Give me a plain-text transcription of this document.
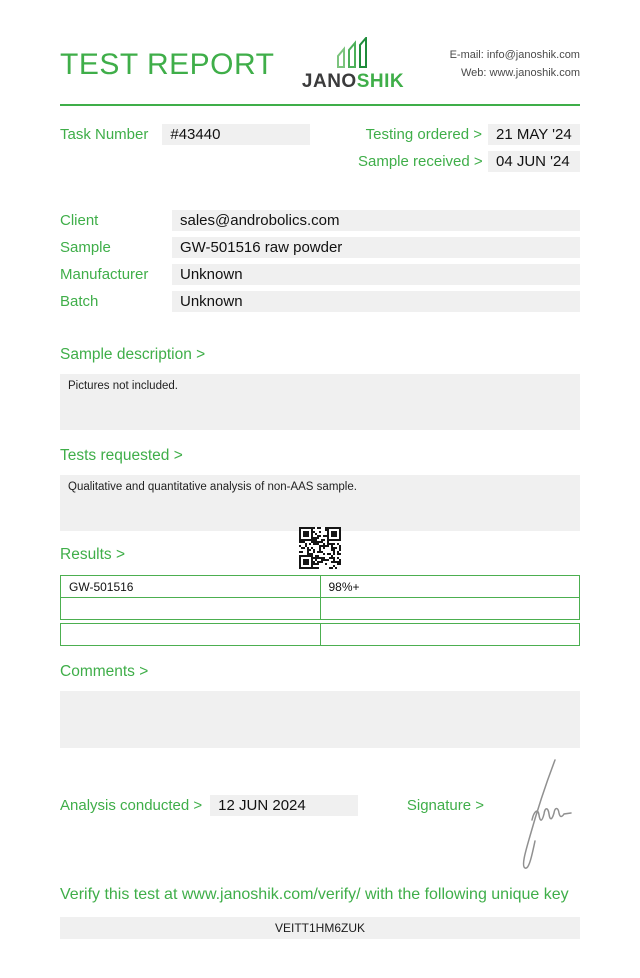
TEST REPORT
JANOSHIK
E-mail: info@janoshik.com
Web: www.janoshik.com
Task Number	#43440	Testing ordered > 21 MAY '24
Sample received > 04 JUN '24
Client	sales@androbolics.com
Sample	GW-501516 raw powder
Manufacturer	Unknown
Batch	Unknown
Sample description >
Pictures not included.
Tests requested >
Qualitative and quantitative analysis of non-AAS sample.
Results >
GW-501516	98%+

Comments >
Analysis conducted >	12 JUN 2024	Signature >
Verify this test at www.janoshik.com/verify/ with the following unique key
VEITT1HM6ZUK
